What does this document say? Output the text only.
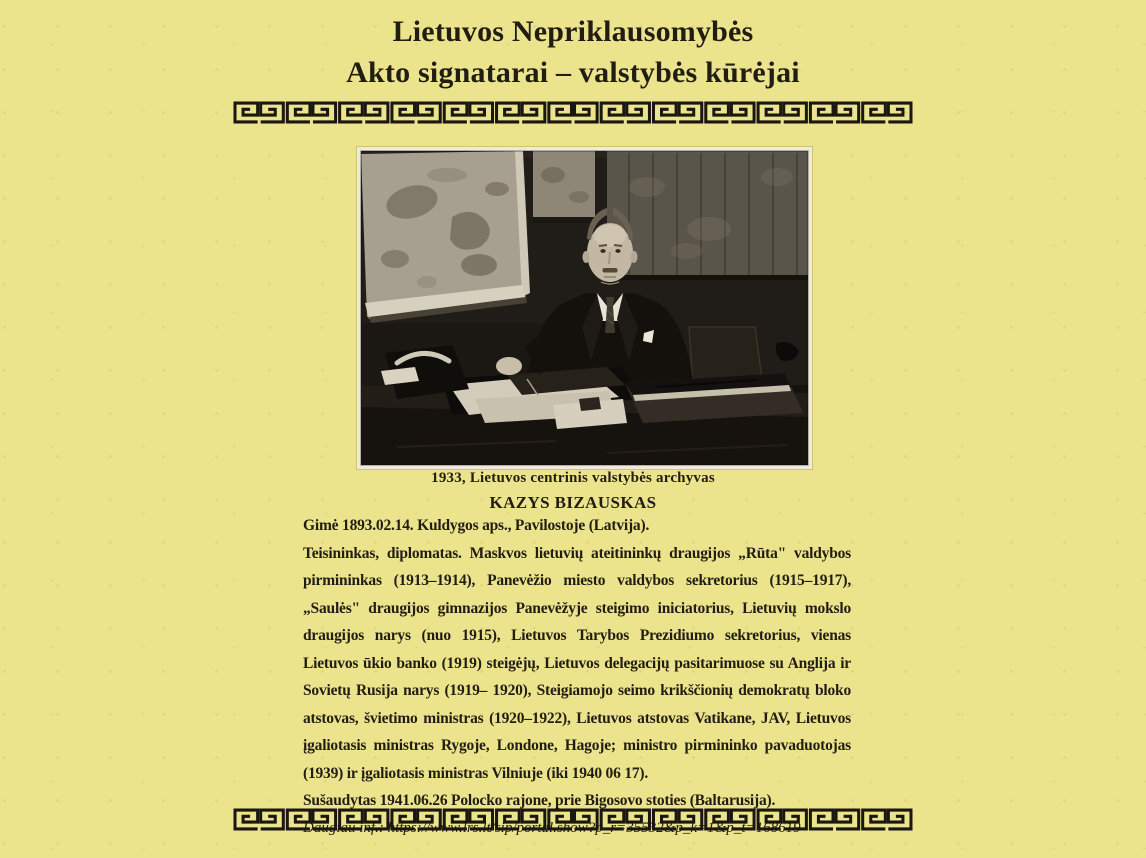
Lietuvos Nepriklausomybės
Akto signatarai – valstybės kūrėjai
1933, Lietuvos centrinis valstybės archyvas
KAZYS BIZAUSKAS

Gimė 1893.02.14. Kuldygos aps., Pavilostoje (Latvija).

Teisininkas, diplomatas. Maskvos lietuvių ateitininkų draugijos „Rūta" valdybos pirmininkas (1913–1914), Panevėžio miesto valdybos sekretorius (1915–1917), „Saulės" draugijos gimnazijos Panevėžyje steigimo iniciatorius, Lietuvių mokslo draugijos narys (nuo 1915), Lietuvos Tarybos Prezidiumo sekretorius, vienas Lietuvos ūkio banko (1919) steigėjų, Lietuvos delegacijų pasitarimuose su Anglija ir Sovietų Rusija narys (1919– 1920), Steigiamojo seimo krikščionių demokratų bloko atstovas, švietimo ministras (1920–1922), Lietuvos atstovas Vatikane, JAV, Lietuvos įgaliotasis ministras Rygoje, Londone, Hagoje; ministro pirmininko pavaduotojas (1939) ir įgaliotasis ministras Vilniuje (iki 1940 06 17).

Sušaudytas 1941.06.26 Polocko rajone, prie Bigosovo stoties (Baltarusija).

Daugiau inf.: https://www.lrs.lt/sip/portal.show?p_r=35532&p_k=1&p_t=168619
